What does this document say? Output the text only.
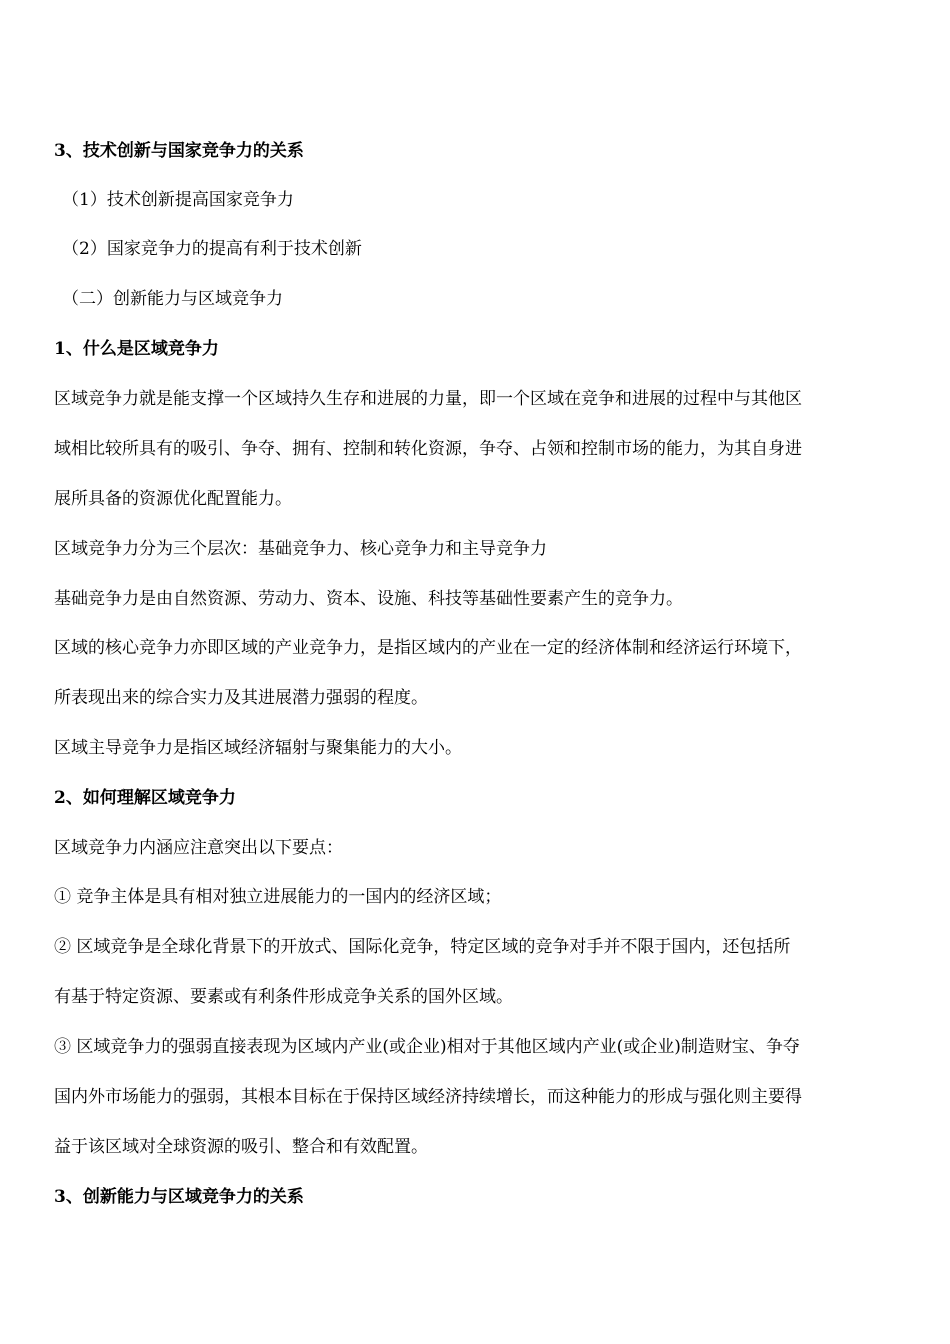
3、技术创新与国家竞争力的关系
（1）技术创新提高国家竞争力
（2）国家竞争力的提高有利于技术创新
（二）创新能力与区域竞争力
1、什么是区域竞争力
区域竞争力就是能支撑一个区域持久生存和进展的力量，即一个区域在竞争和进展的过程中与其他区
域相比较所具有的吸引、争夺、拥有、控制和转化资源，争夺、占领和控制市场的能力，为其自身进
展所具备的资源优化配置能力。
区域竞争力分为三个层次：基础竞争力、核心竞争力和主导竞争力
基础竞争力是由自然资源、劳动力、资本、设施、科技等基础性要素产生的竞争力。
区域的核心竞争力亦即区域的产业竞争力，是指区域内的产业在一定的经济体制和经济运行环境下，
所表现出来的综合实力及其进展潜力强弱的程度。
区域主导竞争力是指区域经济辐射与聚集能力的大小。
2、如何理解区域竞争力
区域竞争力内涵应注意突出以下要点：
① 竞争主体是具有相对独立进展能力的一国内的经济区域；
② 区域竞争是全球化背景下的开放式、国际化竞争，特定区域的竞争对手并不限于国内，还包括所
有基于特定资源、要素或有利条件形成竞争关系的国外区域。
③ 区域竞争力的强弱直接表现为区域内产业(或企业)相对于其他区域内产业(或企业)制造财宝、争夺
国内外市场能力的强弱，其根本目标在于保持区域经济持续增长，而这种能力的形成与强化则主要得
益于该区域对全球资源的吸引、整合和有效配置。
3、创新能力与区域竞争力的关系
